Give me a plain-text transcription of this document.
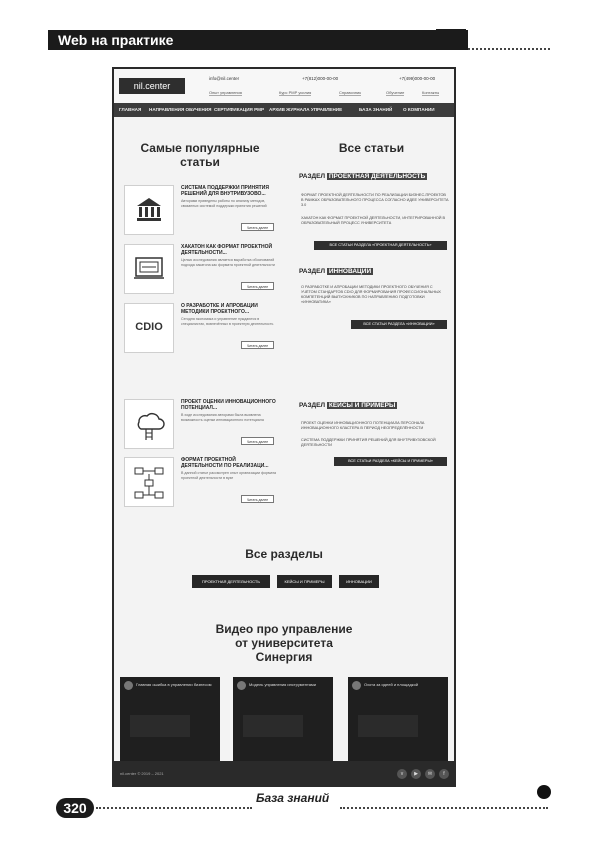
Web на практике
nil.center
info@nil.center	+7(812)000-00-00	+7(499)000-00-00
Опыт управления	Курс PMP усилия	Справочник	Обучение	Контакты
ГЛАВНАЯ НАПРАВЛЕНИЯ ОБУЧЕНИЯ СЕРТИФИКАЦИЯ PMP АРХИВ ЖУРНАЛА УПРАВЛЕНИЕ	БАЗА ЗНАНИЙ О КОМПАНИИ
Самые популярные
статьи
СИСТЕМА ПОДДЕРЖКИ ПРИНЯТИЯ РЕШЕНИЙ ДЛЯ ВНУТРИВУЗОВО...
Авторами приведены работы по анализу методов, связанных системой поддержки принятия решений
Читать далее
ХАКАТОН КАК ФОРМАТ ПРОЕКТНОЙ ДЕЯТЕЛЬНОСТИ...
Целью исследования является выработка обоснований подхода хакатона как формата проектной деятельности
Читать далее
CDIO
О РАЗРАБОТКЕ И АПРОБАЦИИ МЕТОДИКИ ПРОЕКТНОГО...
Сегодня экономика и управление нуждаются в специалистах, вовлечённых в проектную деятельность
Читать далее
ПРОЕКТ ОЦЕНКИ ИННОВАЦИОННОГО ПОТЕНЦИАЛ...
В ходе исследования авторами была выявлена возможность оценки инновационного потенциала
Читать далее
ФОРМАТ ПРОЕКТНОЙ ДЕЯТЕЛЬНОСТИ ПО РЕАЛИЗАЦИ...
В данной статье рассмотрен опыт организации формата проектной деятельности в вузе
Читать далее
Все статьи
РАЗДЕЛ ПРОЕКТНАЯ ДЕЯТЕЛЬНОСТЬ
ФОРМАТ ПРОЕКТНОЙ ДЕЯТЕЛЬНОСТИ ПО РЕАЛИЗАЦИИ БИЗНЕС-ПРОЕКТОВ В РАМКАХ ОБРАЗОВАТЕЛЬНОГО ПРОЦЕССА СОГЛАСНО ИДЕЕ УНИВЕРСИТЕТА 3.0
ХАКАТОН КАК ФОРМАТ ПРОЕКТНОЙ ДЕЯТЕЛЬНОСТИ, ИНТЕГРИРОВАННОЙ В ОБРАЗОВАТЕЛЬНЫЙ ПРОЦЕСС УНИВЕРСИТЕТА
ВСЕ СТАТЬИ РАЗДЕЛА «ПРОЕКТНАЯ ДЕЯТЕЛЬНОСТЬ»
РАЗДЕЛ ИННОВАЦИИ
О РАЗРАБОТКЕ И АПРОБАЦИИ МЕТОДИКИ ПРОЕКТНОГО ОБУЧЕНИЯ С УЧЁТОМ СТАНДАРТОВ CDIO ДЛЯ ФОРМИРОВАНИЯ ПРОФЕССИОНАЛЬНЫХ КОМПЕТЕНЦИЙ ВЫПУСКНИКОВ ПО НАПРАВЛЕНИЮ ПОДГОТОВКИ «ИННОВАТИКА»
ВСЕ СТАТЬИ РАЗДЕЛА «ИННОВАЦИИ»
РАЗДЕЛ КЕЙСЫ И ПРИМЕРЫ
ПРОЕКТ ОЦЕНКИ ИННОВАЦИОННОГО ПОТЕНЦИАЛА ПЕРСОНАЛА ИННОВАЦИОННОГО КЛАСТЕРА В ПЕРИОД НЕОПРЕДЕЛЁННОСТИ
СИСТЕМА ПОДДЕРЖКИ ПРИНЯТИЯ РЕШЕНИЙ ДЛЯ ВНУТРИВУЗОВСКОЙ ДЕЯТЕЛЬНОСТИ
ВСЕ СТАТЬИ РАЗДЕЛА «КЕЙСЫ И ПРИМЕРЫ»
Все разделы
ПРОЕКТНАЯ ДЕЯТЕЛЬНОСТЬ	КЕЙСЫ И ПРИМЕРЫ	ИННОВАЦИИ
Видео про управление
от университета
Синергия
Главная ошибка в управлении бизнесом	Модель управления инструментами	Охота за идеей и площадкой
nil.center © 2019 – 2021	v	▶	✉	f
320
База знаний
